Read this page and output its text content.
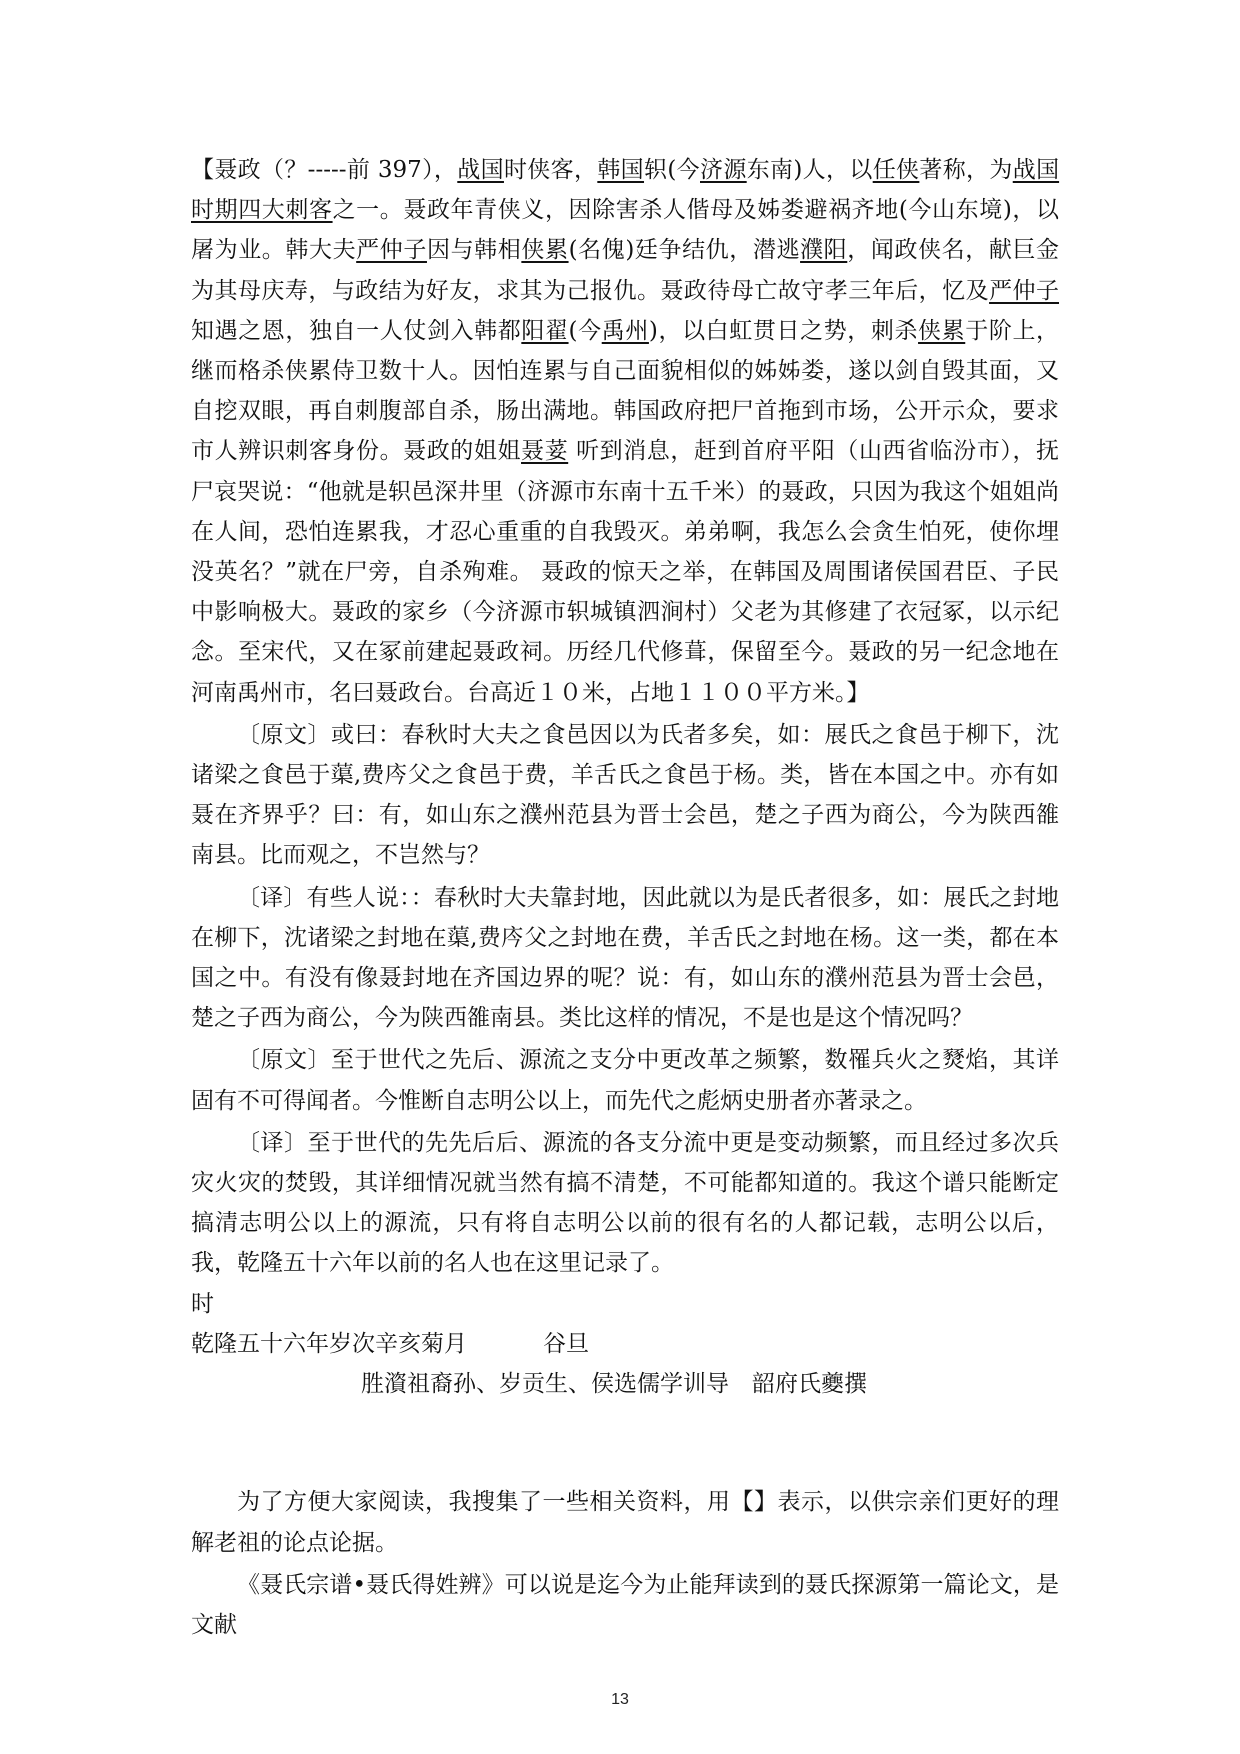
【聂政（？-----前 397），战国时侠客，韩国轵(今济源东南)人，以任侠著称，为战国时期四大刺客之一。聂政年青侠义，因除害杀人偕母及姊娄避祸齐地(今山东境)，以屠为业。韩大夫严仲子因与韩相侠累(名傀)廷争结仇，潜逃濮阳，闻政侠名，献巨金为其母庆寿，与政结为好友，求其为己报仇。聂政待母亡故守孝三年后，忆及严仲子知遇之恩，独自一人仗剑入韩都阳翟(今禹州)，以白虹贯日之势，刺杀侠累于阶上，继而格杀侠累侍卫数十人。因怕连累与自己面貌相似的姊姊娄，遂以剑自毁其面，又自挖双眼，再自刺腹部自杀，肠出满地。韩国政府把尸首拖到市场，公开示众，要求市人辨识刺客身份。聂政的姐姐聂荽 听到消息，赶到首府平阳（山西省临汾市），抚尸哀哭说：“他就是轵邑深井里（济源市东南十五千米）的聂政，只因为我这个姐姐尚在人间，恐怕连累我，才忍心重重的自我毁灭。弟弟啊，我怎么会贪生怕死，使你埋没英名？”就在尸旁，自杀殉难。 聂政的惊天之举，在韩国及周围诸侯国君臣、子民中影响极大。聂政的家乡（今济源市轵城镇泗涧村）父老为其修建了衣冠冢，以示纪念。至宋代，又在冢前建起聂政祠。历经几代修葺，保留至今。聂政的另一纪念地在河南禹州市，名曰聂政台。台高近１０米，占地１１００平方米。】

〔原文〕或曰：春秋时大夫之食邑因以为氏者多矣，如：展氏之食邑于柳下，沈诸梁之食邑于蕖,费庈父之食邑于费，羊舌氏之食邑于杨。类，皆在本国之中。亦有如聂在齐界乎？曰：有，如山东之濮州范县为晋士会邑，楚之子西为商公，今为陕西雒南县。比而观之，不岂然与？

〔译〕有些人说：：春秋时大夫靠封地，因此就以为是氏者很多，如：展氏之封地在柳下，沈诸梁之封地在蕖,费庈父之封地在费，羊舌氏之封地在杨。这一类，都在本国之中。有没有像聂封地在齐国边界的呢？说：有，如山东的濮州范县为晋士会邑，楚之子西为商公，今为陕西雒南县。类比这样的情况，不是也是这个情况吗？

〔原文〕至于世代之先后、源流之支分中更改革之频繁，数罹兵火之燹焰，其详固有不可得闻者。今惟断自志明公以上，而先代之彪炳史册者亦著录之。

〔译〕至于世代的先先后后、源流的各支分流中更是变动频繁，而且经过多次兵灾火灾的焚毁，其详细情况就当然有搞不清楚，不可能都知道的。我这个谱只能断定搞清志明公以上的源流，只有将自志明公以前的很有名的人都记载，志明公以后，我，乾隆五十六年以前的名人也在这里记录了。

时

乾隆五十六年岁次辛亥菊月	谷旦

胜澬祖裔孙、岁贡生、侯选儒学训导　韶府氏夔撰

为了方便大家阅读，我搜集了一些相关资料，用【】表示，以供宗亲们更好的理解老祖的论点论据。

《聂氏宗谱•聂氏得姓辨》可以说是迄今为止能拜读到的聂氏探源第一篇论文，是文献

13
